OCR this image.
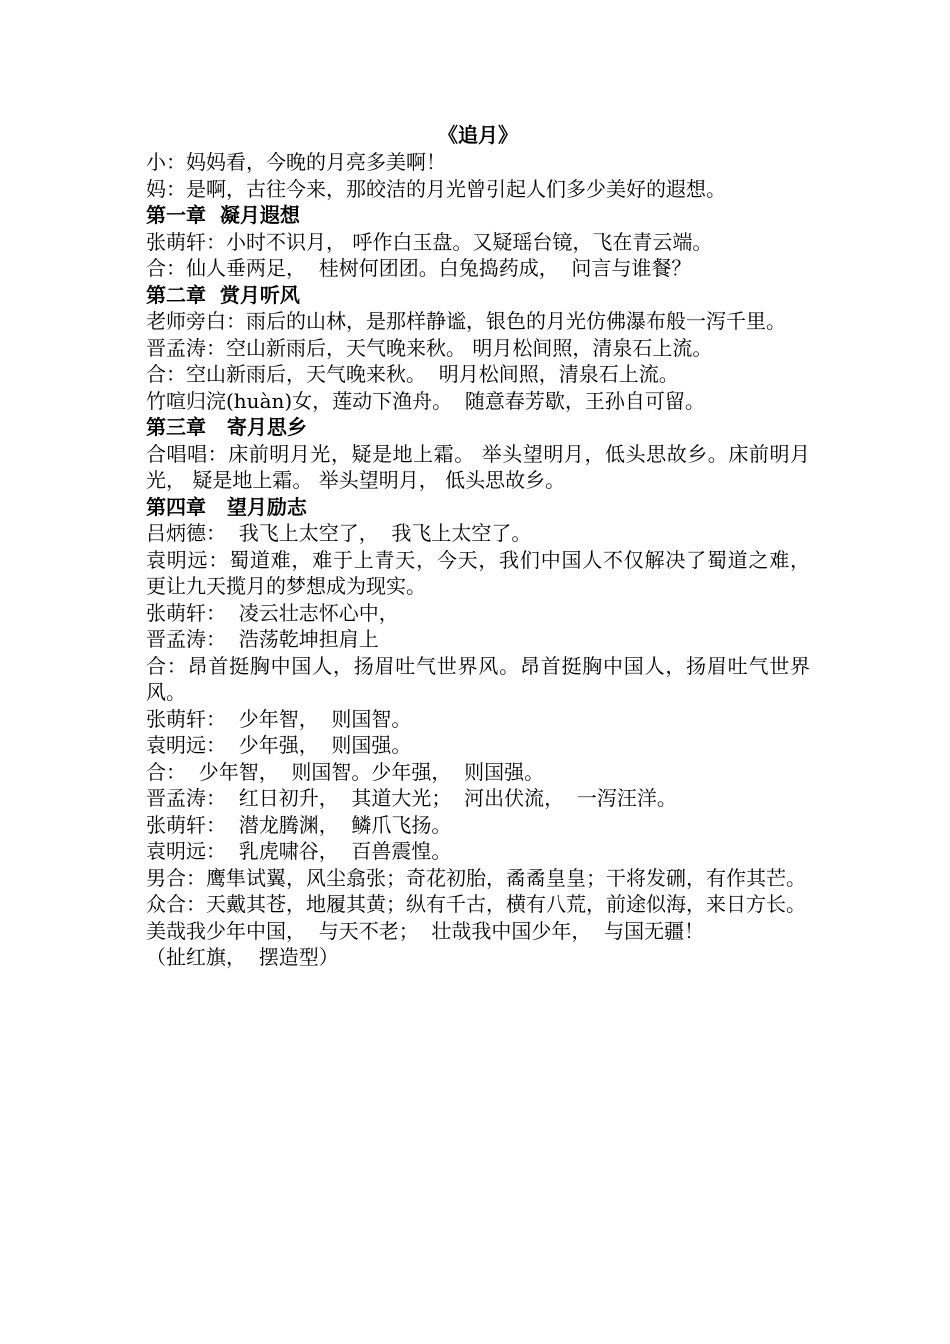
《追月》
小：妈妈看，今晚的月亮多美啊！
妈：是啊，古往今来，那皎洁的月光曾引起人们多少美好的遐想。
第一章  凝月遐想
张萌轩：小时不识月， 呼作白玉盘。又疑瑶台镜，飞在青云端。
合：仙人垂两足，  桂树何团团。白兔捣药成，  问言与谁餐？
第二章  赏月听风
老师旁白：雨后的山林，是那样静谧，银色的月光仿佛瀑布般一泻千里。
晋孟涛：空山新雨后，天气晚来秋。 明月松间照，清泉石上流。
合：空山新雨后，天气晚来秋。  明月松间照，清泉石上流。
竹喧归浣(huàn)女，莲动下渔舟。  随意春芳歇，王孙自可留。
第三章   寄月思乡
合唱唱：床前明月光，疑是地上霜。 举头望明月，低头思故乡。床前明月光， 疑是地上霜。 举头望明月， 低头思故乡。
第四章   望月励志
吕炳德：  我飞上太空了，  我飞上太空了。
袁明远：蜀道难，难于上青天，今天，我们中国人不仅解决了蜀道之难， 更让九天揽月的梦想成为现实。
张萌轩：  凌云壮志怀心中，
晋孟涛：  浩荡乾坤担肩上
合：昂首挺胸中国人，扬眉吐气世界风。昂首挺胸中国人，扬眉吐气世界风。
张萌轩：  少年智，  则国智。
袁明远：  少年强，  则国强。
合：  少年智，  则国智。少年强，  则国强。
晋孟涛：  红日初升，  其道大光；  河出伏流，  一泻汪洋。
张萌轩：  潜龙腾渊，  鳞爪飞扬。
袁明远：  乳虎啸谷，  百兽震惶。
男合：鹰隼试翼，风尘翕张；奇花初胎，矞矞皇皇；干将发硎，有作其芒。
众合：天戴其苍，地履其黄；纵有千古，横有八荒，前途似海，来日方长。
美哉我少年中国，  与天不老；  壮哉我中国少年，  与国无疆！
（扯红旗，  摆造型）
